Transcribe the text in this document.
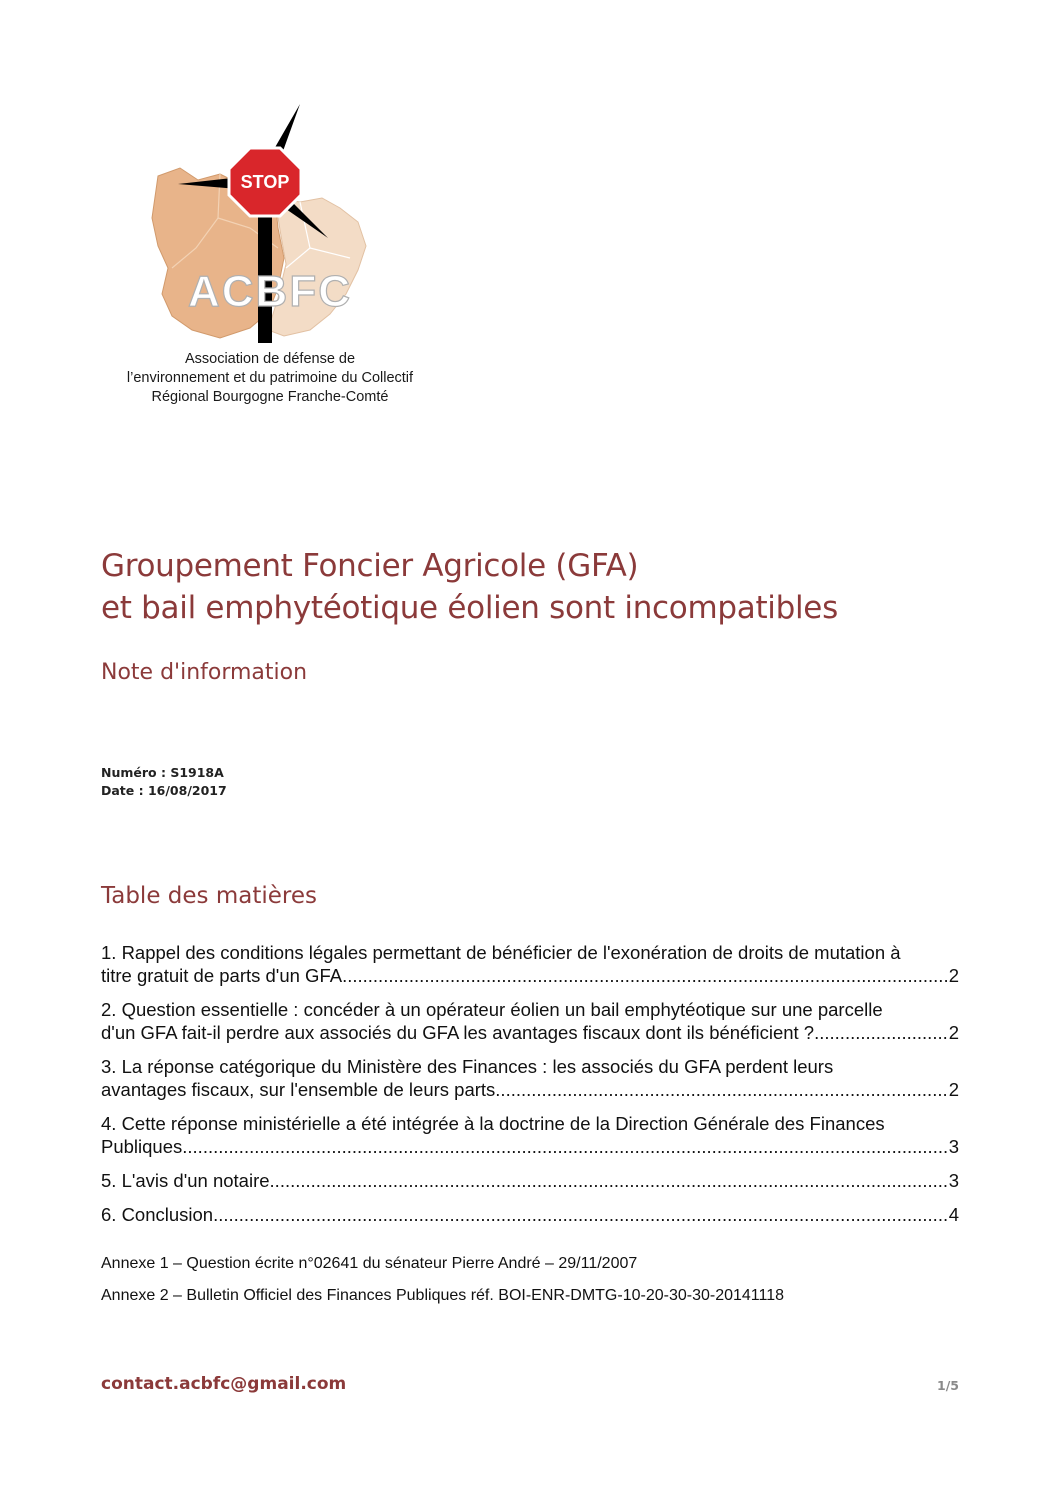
STOP
ACBFC
Association de défense de
l’environnement et du patrimoine du Collectif
Régional Bourgogne Franche-Comté
Groupement Foncier Agricole (GFA)
et bail emphytéotique éolien sont incompatibles
Note d'information
Numéro : S1918A
Date : 16/08/2017
Table des matières
1. Rappel des conditions légales permettant de bénéficier de l'exonération de droits de mutation à
titre gratuit de parts d'un GFA .....	2
2. Question essentielle : concéder à un opérateur éolien un bail emphytéotique sur une parcelle
d'un GFA fait-il perdre aux associés du GFA les avantages fiscaux dont ils bénéficient ? .....	2
3. La réponse catégorique du Ministère des Finances : les associés du GFA perdent leurs
avantages fiscaux, sur l'ensemble de leurs parts .....	2
4. Cette réponse ministérielle a été intégrée à la doctrine de la Direction Générale des Finances
Publiques .....	3
5. L'avis d'un notaire .....	3
6. Conclusion .....	4
Annexe 1 – Question écrite n°02641 du sénateur Pierre André – 29/11/2007
Annexe 2 – Bulletin Officiel des Finances Publiques réf. BOI-ENR-DMTG-10-20-30-30-20141118
contact.acbfc@gmail.com	1/5
